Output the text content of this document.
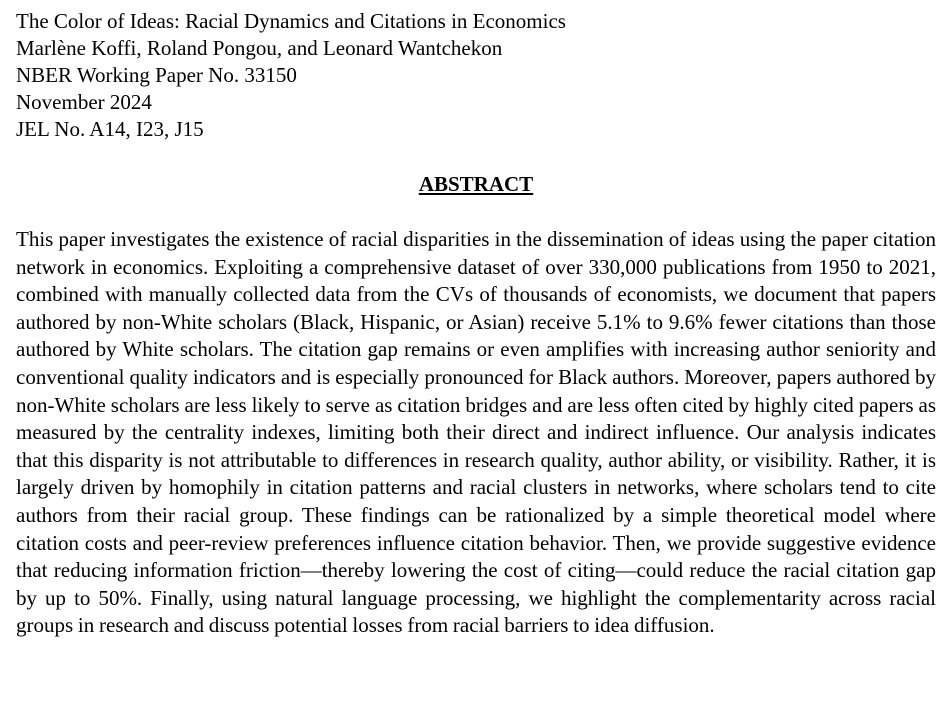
The Color of Ideas: Racial Dynamics and Citations in Economics

Marlène Koffi, Roland Pongou, and Leonard Wantchekon

NBER Working Paper No. 33150

November 2024

JEL No. A14, I23, J15

ABSTRACT

This paper investigates the existence of racial disparities in the dissemination of ideas using the paper citation network in economics. Exploiting a comprehensive dataset of over 330,000 publications from 1950 to 2021, combined with manually collected data from the CVs of thousands of economists, we document that papers authored by non-White scholars (Black, Hispanic, or Asian) receive 5.1% to 9.6% fewer citations than those authored by White scholars. The citation gap remains or even amplifies with increasing author seniority and conventional quality indicators and is especially pronounced for Black authors. Moreover, papers authored by non-White scholars are less likely to serve as citation bridges and are less often cited by highly cited papers as measured by the centrality indexes, limiting both their direct and indirect influence. Our analysis indicates that this disparity is not attributable to differences in research quality, author ability, or visibility. Rather, it is largely driven by homophily in citation patterns and racial clusters in networks, where scholars tend to cite authors from their racial group. These findings can be rationalized by a simple theoretical model where citation costs and peer-review preferences influence citation behavior. Then, we provide suggestive evidence that reducing information friction—thereby lowering the cost of citing—could reduce the racial citation gap by up to 50%. Finally, using natural language processing, we highlight the complementarity across racial groups in research and discuss potential losses from racial barriers to idea diffusion.
